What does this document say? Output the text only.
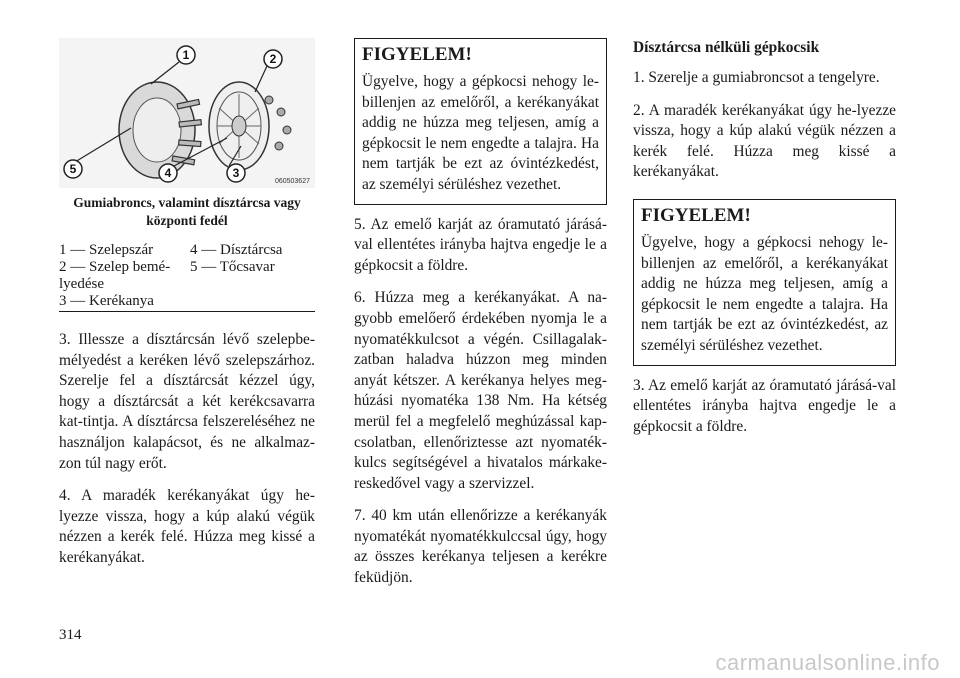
1	2
3
4
5
060503627
Gumiabroncs, valamint dísztárcsa vagy központi fedél
1 — Szelepszár	4 — Dísztárcsa
2 — Szelep bemé-
lyedése
5 — Tőcsavar
3 — Kerékanya

3. Illessze a dísztárcsán lévő szelepbe-mélyedést a keréken lévő szelepszárhoz. Szerelje fel a dísztárcsát kézzel úgy, hogy a dísztárcsát a két kerékcsavarra kat-tintja. A dísztárcsa felszereléséhez ne használjon kalapácsot, és ne alkalmaz-zon túl nagy erőt.

4. A maradék kerékanyákat úgy he-lyezze vissza, hogy a kúp alakú végük nézzen a kerék felé. Húzza meg kissé a kerékanyákat.

FIGYELEM!

Ügyelve, hogy a gépkocsi nehogy le-billenjen az emelőről, a kerékanyákat addig ne húzza meg teljesen, amíg a gépkocsit le nem engedte a talajra. Ha nem tartják be ezt az óvintézkedést, az személyi sérüléshez vezethet.

5. Az emelő karját az óramutató járásá-val ellentétes irányba hajtva engedje le a gépkocsit a földre.

6. Húzza meg a kerékanyákat. A na-gyobb emelőerő érdekében nyomja le a nyomatékkulcsot a végén. Csillagalak-zatban haladva húzzon meg minden anyát kétszer. A kerékanya helyes meg-húzási nyomatéka 138 Nm. Ha kétség merül fel a megfelelő meghúzással kap-csolatban, ellenőriztesse azt nyomaték-kulcs segítségével a hivatalos márkake-reskedővel vagy a szervizzel.

7. 40 km után ellenőrizze a kerékanyák nyomatékát nyomatékkulccsal úgy, hogy az összes kerékanya teljesen a kerékre feküdjön.

Dísztárcsa nélküli gépkocsik

1. Szerelje a gumiabroncsot a tengelyre.

2. A maradék kerékanyákat úgy he-lyezze vissza, hogy a kúp alakú végük nézzen a kerék felé. Húzza meg kissé a kerékanyákat.

FIGYELEM!

Ügyelve, hogy a gépkocsi nehogy le-billenjen az emelőről, a kerékanyákat addig ne húzza meg teljesen, amíg a gépkocsit le nem engedte a talajra. Ha nem tartják be ezt az óvintézkedést, az személyi sérüléshez vezethet.

3. Az emelő karját az óramutató járásá-val ellentétes irányba hajtva engedje le a gépkocsit a földre.

314
carmanualsonline.info
